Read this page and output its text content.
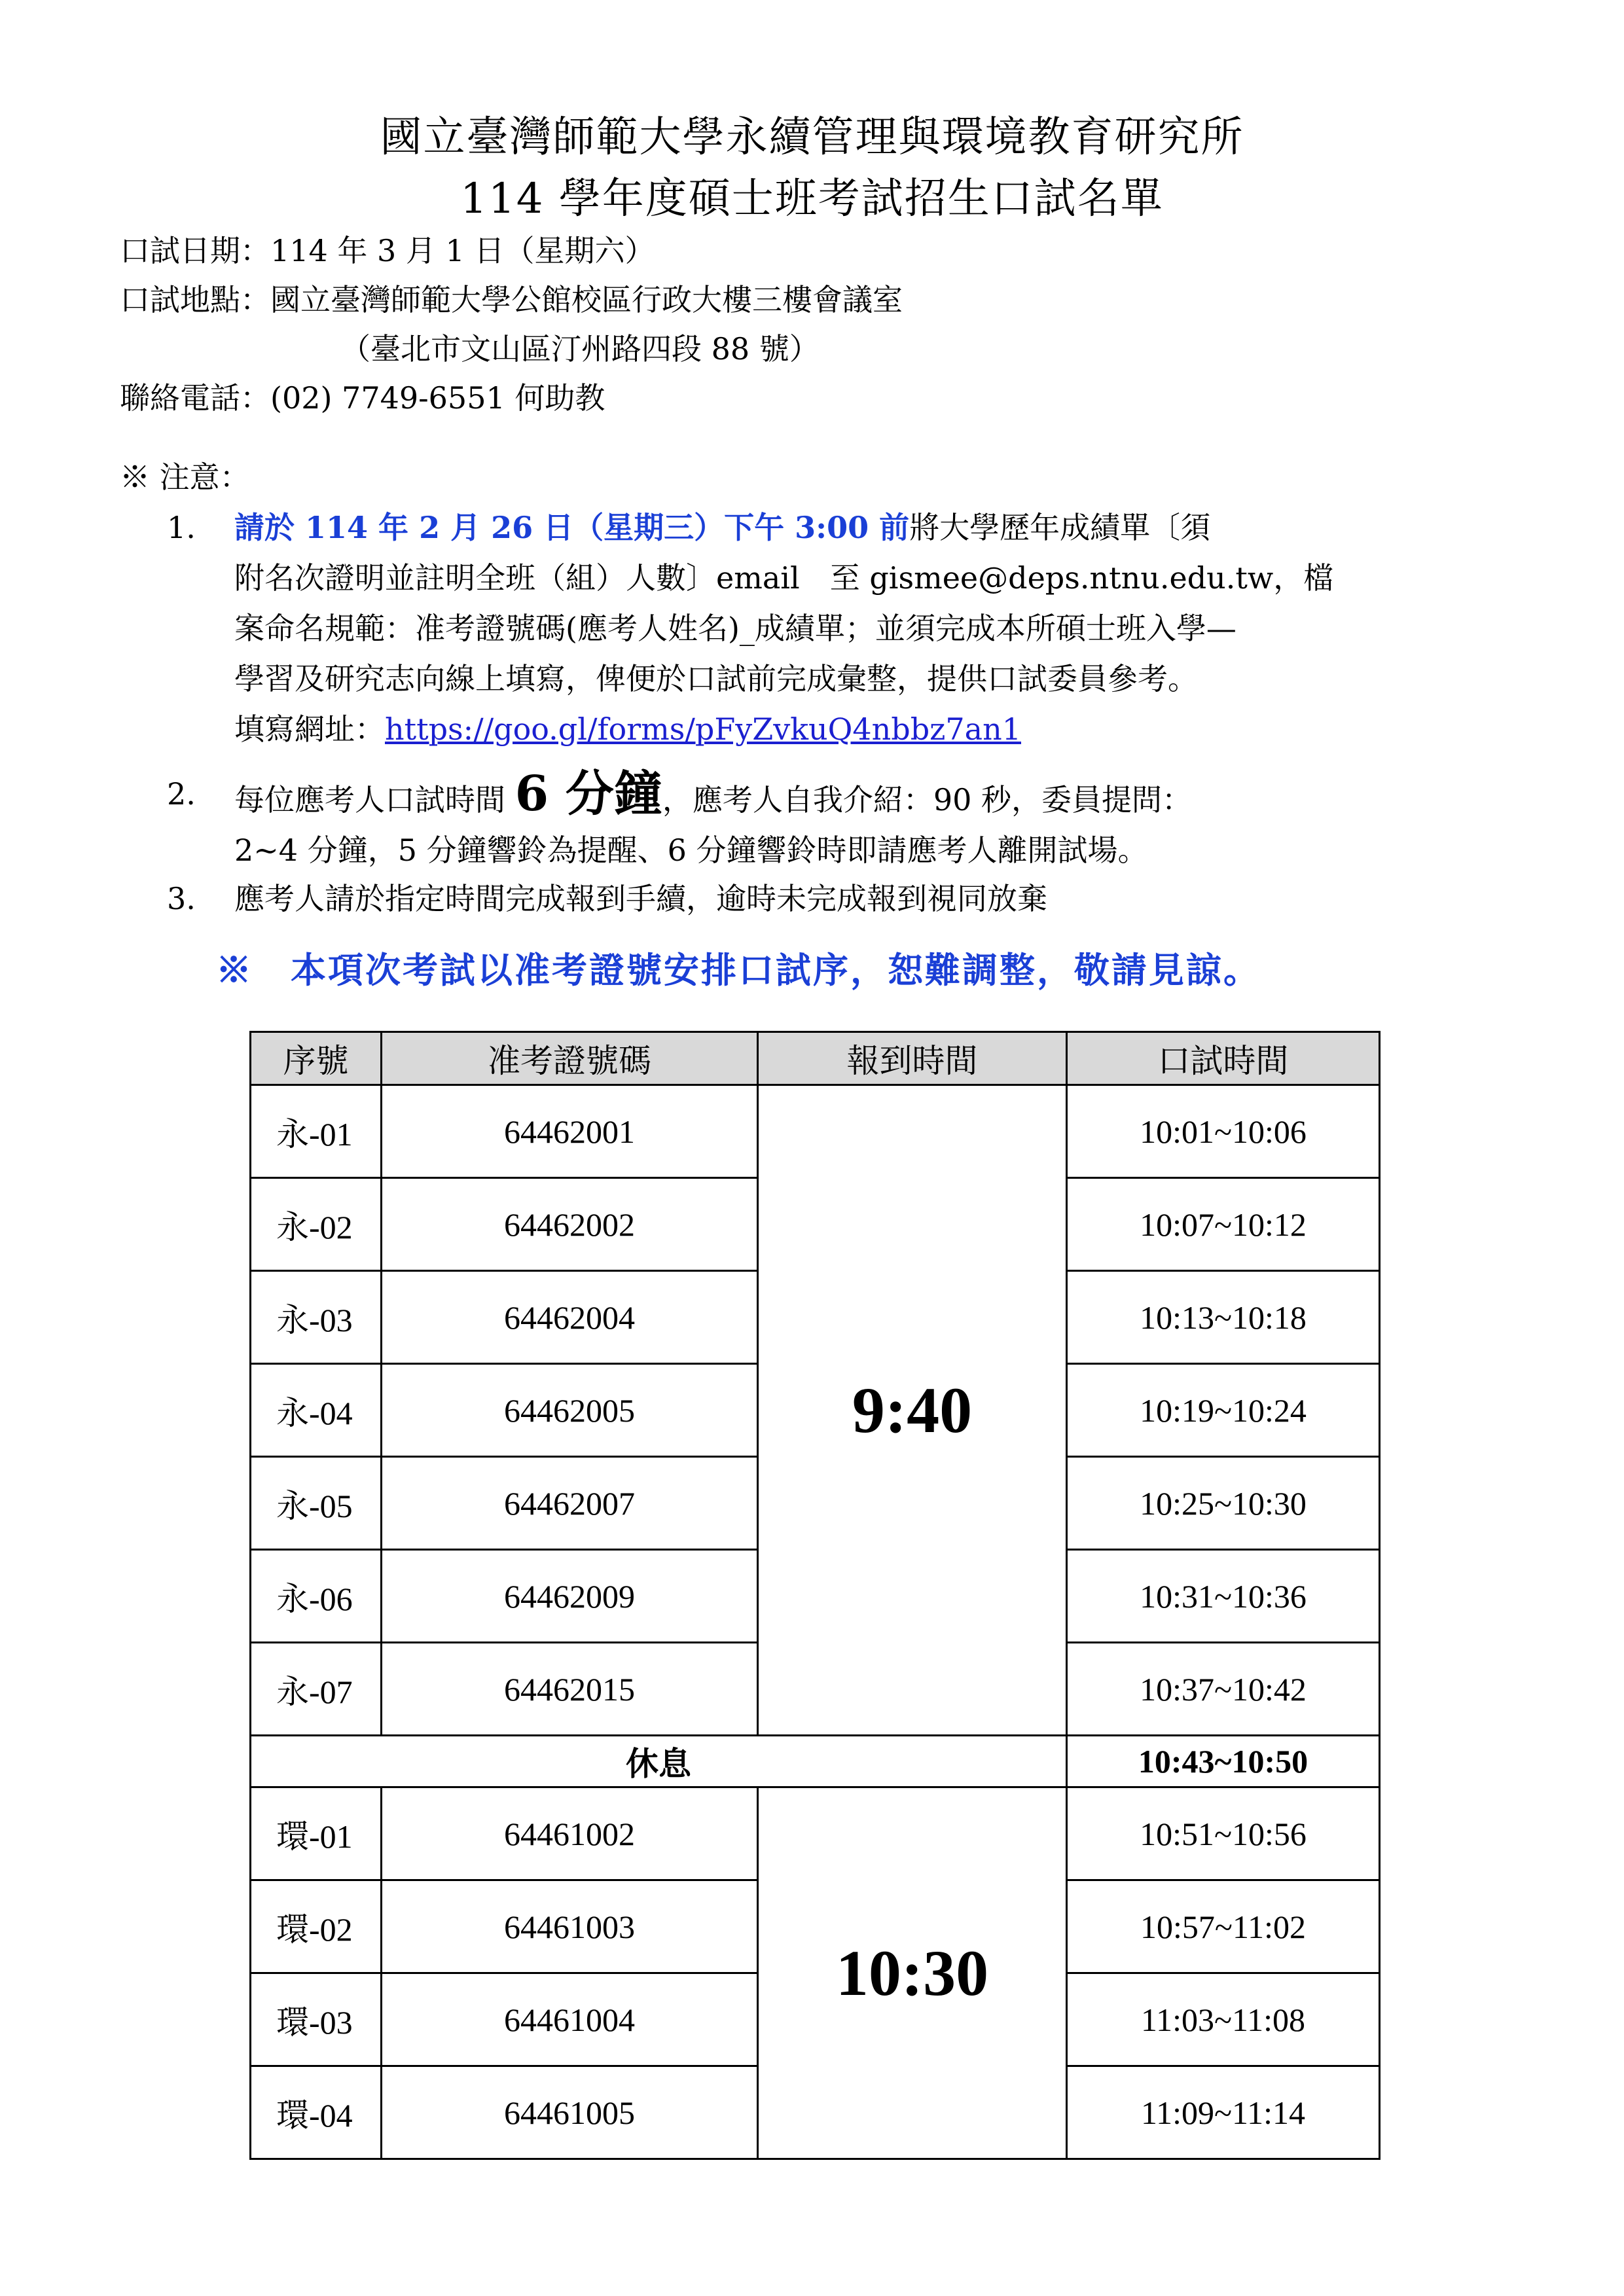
國立臺灣師範大學永續管理與環境教育研究所
114 學年度碩士班考試招生口試名單
口試日期：114 年 3 月 1 日（星期六）
口試地點：國立臺灣師範大學公館校區行政大樓三樓會議室
（臺北市文山區汀州路四段 88 號）
聯絡電話：(02) 7749-6551 何助教
※ 注意：
1. 請於 114 年 2 月 26 日（星期三）下午 3:00 前將大學歷年成績單〔須
附名次證明並註明全班（組）人數〕email　至 gismee@deps.ntnu.edu.tw，檔
案命名規範：准考證號碼(應考人姓名)_成績單；並須完成本所碩士班入學—
學習及研究志向線上填寫，俾便於口試前完成彙整，提供口試委員參考。
填寫網址：https://goo.gl/forms/pFyZvkuQ4nbbz7an1
2. 每位應考人口試時間 6 分鐘，應考人自我介紹：90 秒，委員提問：
2~4 分鐘，5 分鐘響鈴為提醒、6 分鐘響鈴時即請應考人離開試場。
3. 應考人請於指定時間完成報到手續，逾時未完成報到視同放棄
※　本項次考試以准考證號安排口試序，恕難調整，敬請見諒。
序號	准考證號碼	報到時間	口試時間
永-01	64462001	9:40	10:01~10:06
永-02	64462002		10:07~10:12
永-03	64462004		10:13~10:18
永-04	64462005		10:19~10:24
永-05	64462007		10:25~10:30
永-06	64462009		10:31~10:36
永-07	64462015		10:37~10:42
休息			10:43~10:50
環-01	64461002	10:30	10:51~10:56
環-02	64461003		10:57~11:02
環-03	64461004		11:03~11:08
環-04	64461005		11:09~11:14
